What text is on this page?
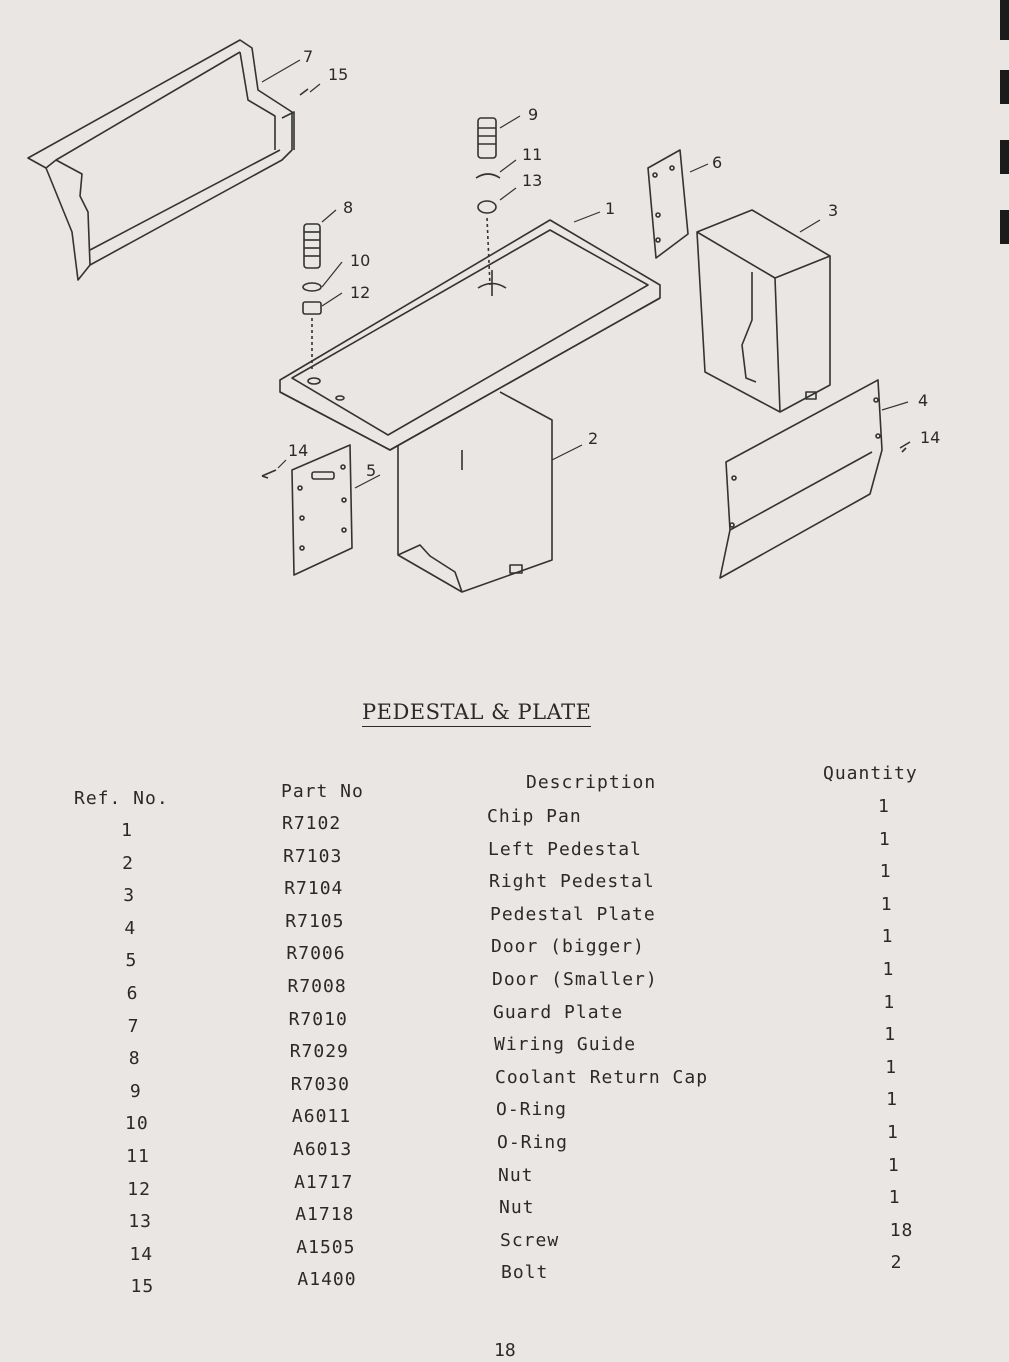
7
15
9
11
13
6
1	3
8
10
12
4
14
2
14
5
PEDESTAL & PLATE
Ref. No.	Part No	Description	Quantity
1	R7102	Chip Pan	1
2	R7103	Left Pedestal	1
3	R7104	Right Pedestal	1
4	R7105	Pedestal Plate	1
5	R7006	Door (bigger)	1
6	R7008	Door (Smaller)	1
7	R7010	Guard Plate	1
8	R7029	Wiring Guide	1
9	R7030	Coolant Return Cap	1
10	A6011	O-Ring	1
11	A6013	O-Ring	1
12	A1717	Nut	1
13	A1718	Nut	1
14	A1505	Screw	18
15	A1400	Bolt	2
18
